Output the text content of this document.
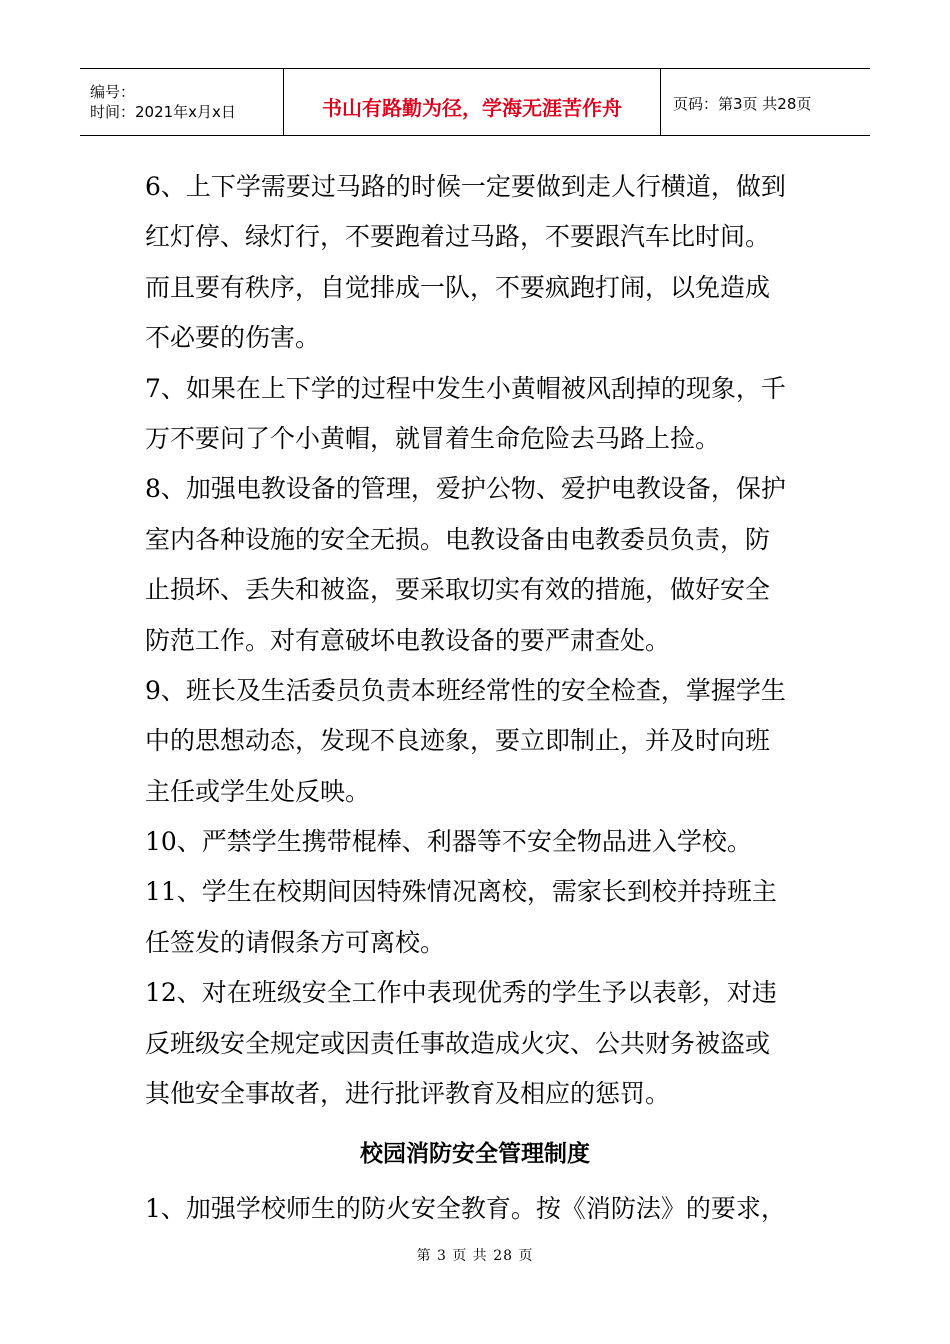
编号：
时间：2021年x月x日	书山有路勤为径，学海无涯苦作舟	页码：第3页 共28页
6、上下学需要过马路的时候一定要做到走人行横道，做到
红灯停、绿灯行，不要跑着过马路，不要跟汽车比时间。
而且要有秩序，自觉排成一队，不要疯跑打闹，以免造成
不必要的伤害。
7、如果在上下学的过程中发生小黄帽被风刮掉的现象，千
万不要问了个小黄帽，就冒着生命危险去马路上捡。
8、加强电教设备的管理，爱护公物、爱护电教设备，保护
室内各种设施的安全无损。电教设备由电教委员负责，防
止损坏、丢失和被盗，要采取切实有效的措施，做好安全
防范工作。对有意破坏电教设备的要严肃查处。
9、班长及生活委员负责本班经常性的安全检查，掌握学生
中的思想动态，发现不良迹象，要立即制止，并及时向班
主任或学生处反映。
10、严禁学生携带棍棒、利器等不安全物品进入学校。
11、学生在校期间因特殊情况离校，需家长到校并持班主
任签发的请假条方可离校。
12、对在班级安全工作中表现优秀的学生予以表彰，对违
反班级安全规定或因责任事故造成火灾、公共财务被盗或
其他安全事故者，进行批评教育及相应的惩罚。
校园消防安全管理制度
1、加强学校师生的防火安全教育。按《消防法》的要求，
第 3 页 共 28 页
